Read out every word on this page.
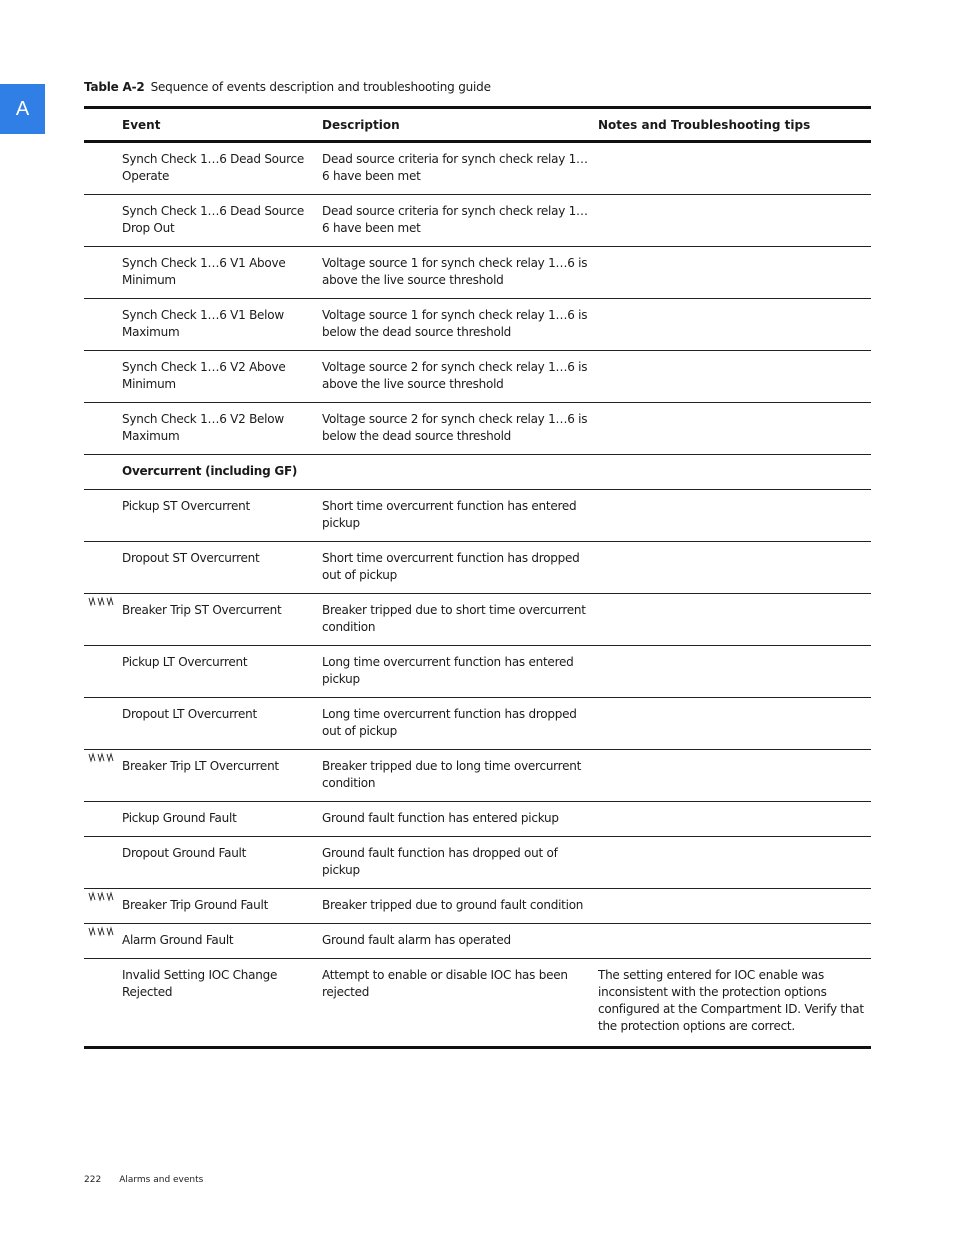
A
Table A-2 Sequence of events description and troubleshooting guide
	Event	Description	Notes and Troubleshooting tips
	Synch Check 1…6 Dead Source Operate	Dead source criteria for synch check relay 1…6 have been met	
	Synch Check 1…6 Dead Source Drop Out	Dead source criteria for synch check relay 1…6 have been met	
	Synch Check 1…6 V1 Above Minimum	Voltage source 1 for synch check relay 1…6 is above the live source threshold	
	Synch Check 1…6 V1 Below Maximum	Voltage source 1 for synch check relay 1…6 is below the dead source threshold	
	Synch Check 1…6 V2 Above Minimum	Voltage source 2 for synch check relay 1…6 is above the live source threshold	
	Synch Check 1…6 V2 Below Maximum	Voltage source 2 for synch check relay 1…6 is below the dead source threshold	
	Overcurrent (including GF)		
	Pickup ST Overcurrent	Short time overcurrent function has entered pickup	
	Dropout ST Overcurrent	Short time overcurrent function has dropped out of pickup	

	Breaker Trip ST Overcurrent	Breaker tripped due to short time overcurrent condition	
	Pickup LT Overcurrent	Long time overcurrent function has entered pickup	
	Dropout LT Overcurrent	Long time overcurrent function has dropped out of pickup	

	Breaker Trip LT Overcurrent	Breaker tripped due to long time overcurrent condition	
	Pickup Ground Fault	Ground fault function has entered pickup	
	Dropout Ground Fault	Ground fault function has dropped out of pickup	

	Breaker Trip Ground Fault	Breaker tripped due to ground fault condition	

	Alarm Ground Fault	Ground fault alarm has operated	
	Invalid Setting IOC Change Rejected	Attempt to enable or disable IOC has been rejected	The setting entered for IOC enable was inconsistent with the protection options configured at the Compartment ID. Verify that the protection options are correct.
222 Alarms and events
